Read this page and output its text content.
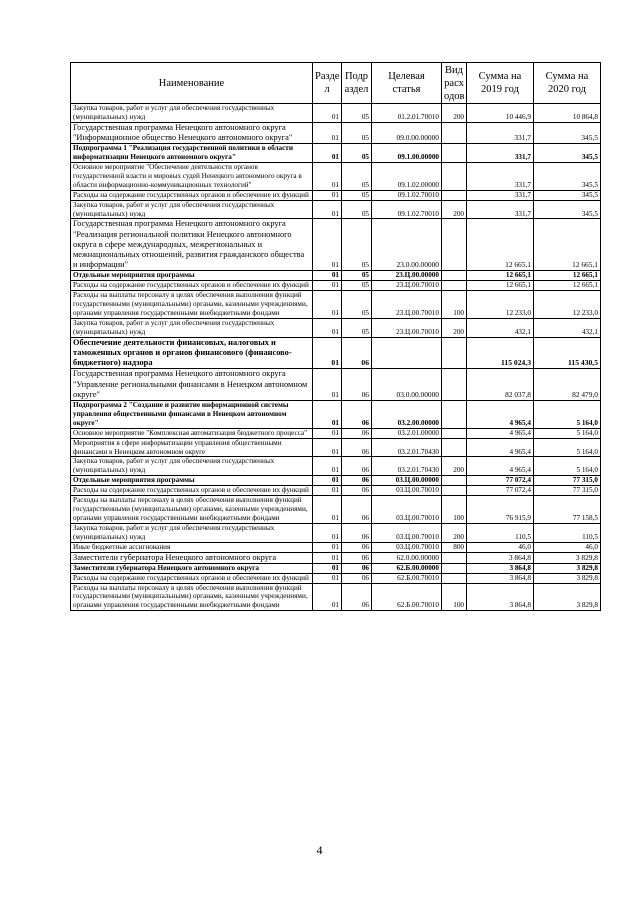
Наименование	Разде л	Подр аздел	Целевая статья	Вид расх одов	Сумма на 2019 год	Сумма на 2020 год
Закупка товаров, работ и услуг для обеспечения государственных (муниципальных) нужд	01	05	01.2.01.70010	200	10 446,9	10 864,8
Государственная программа Ненецкого автономного округа "Информационное общество Ненецкого автономного округа"	01	05	09.0.00.00000		331,7	345,5
Подпрограмма 1 "Реализация государственной политики в области информатизации Ненецкого автономного округа"	01	05	09.1.00.00000		331,7	345,5
Основное мероприятие "Обеспечение деятельности органов государственной власти и мировых судей Ненецкого автономного округа в области информационно-коммуникационных технологий"	01	05	09.1.02.00000		331,7	345,5
Расходы на содержание государственных органов и обеспечение их функций	01	05	09.1.02.70010		331,7	345,5
Закупка товаров, работ и услуг для обеспечения государственных (муниципальных) нужд	01	05	09.1.02.70010	200	331,7	345,5
Государственная программа Ненецкого автономного округа "Реализация региональной политики Ненецкого автономного округа в сфере международных, межрегиональных и межнациональных отношений, развития гражданского общества и информации"	01	05	23.0.00.00000		12 665,1	12 665,1
Отдельные мероприятия программы	01	05	23.Ц.00.00000		12 665,1	12 665,1
Расходы на содержание государственных органов и обеспечение их функций	01	05	23.Ц.00.70010		12 665,1	12 665,1
Расходы на выплаты персоналу в целях обеспечения выполнения функций государственными (муниципальными) органами, казенными учреждениями, органами управления государственными внебюджетными фондами	01	05	23.Ц.00.70010	100	12 233,0	12 233,0
Закупка товаров, работ и услуг для обеспечения государственных (муниципальных) нужд	01	05	23.Ц.00.70010	200	432,1	432,1
Обеспечение деятельности финансовых, налоговых и таможенных органов и органов финансового (финансово-бюджетного) надзора	01	06			115 024,3	115 430,5
Государственная программа Ненецкого автономного округа "Управление региональными финансами в Ненецком автономном округе"	01	06	03.0.00.00000		82 037,8	82 479,0
Подпрограмма 2 "Создание и развитие информационной системы управления общественными финансами в Ненецком автономном округе"	01	06	03.2.00.00000		4 965,4	5 164,0
Основное мероприятие "Комплексная автоматизация бюджетного процесса"	01	06	03.2.01.00000		4 965,4	5 164,0
Мероприятия в сфере информатизации управления общественными финансами в Ненецком автономном округе	01	06	03.2.01.70430		4 965,4	5 164,0
Закупка товаров, работ и услуг для обеспечения государственных (муниципальных) нужд	01	06	03.2.01.70430	200	4 965,4	5 164,0
Отдельные мероприятия программы	01	06	03.Ц.00.00000		77 072,4	77 315,0
Расходы на содержание государственных органов и обеспечение их функций	01	06	03.Ц.00.70010		77 072,4	77 315,0
Расходы на выплаты персоналу в целях обеспечения выполнения функций государственными (муниципальными) органами, казенными учреждениями, органами управления государственными внебюджетными фондами	01	06	03.Ц.00.70010	100	76 915,9	77 158,5
Закупка товаров, работ и услуг для обеспечения государственных (муниципальных) нужд	01	06	03.Ц.00.70010	200	110,5	110,5
Иные бюджетные ассигнования	01	06	03.Ц.00.70010	800	46,0	46,0
Заместители губернатора Ненецкого автономного округа	01	06	62.0.00.00000		3 864,8	3 829,8
Заместители губернатора Ненецкого автономного округа	01	06	62.Б.00.00000		3 864,8	3 829,8
Расходы на содержание государственных органов и обеспечение их функций	01	06	62.Б.00.70010		3 864,8	3 829,8
Расходы на выплаты персоналу в целях обеспечения выполнения функций государственными (муниципальными) органами, казенными учреждениями, органами управления государственными внебюджетными фондами	01	06	62.Б.00.70010	100	3 864,8	3 829,8
4
